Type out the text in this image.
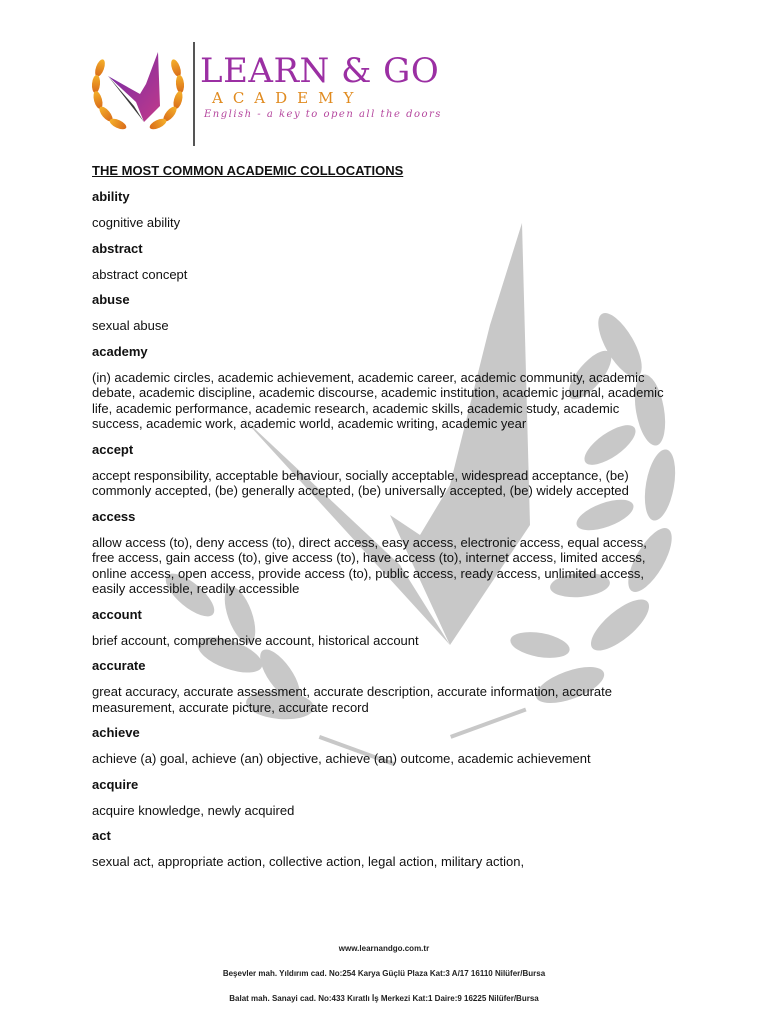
LEARN & GO
ACADEMY
English - a key to open all the doors
THE MOST COMMON ACADEMIC COLLOCATIONS
ability
cognitive ability
abstract
abstract concept
abuse
sexual abuse
academy
(in) academic circles, academic achievement, academic career, academic community, academic debate, academic discipline, academic discourse, academic institution, academic journal, academic life, academic performance, academic research, academic skills, academic study, academic success, academic work, academic world, academic writing, academic year
accept
accept responsibility, acceptable behaviour, socially acceptable, widespread acceptance, (be) commonly accepted, (be) generally accepted, (be) universally accepted, (be) widely accepted
access
allow access (to), deny access (to), direct access, easy access, electronic access, equal access, free access, gain access (to), give access (to), have access (to), internet access, limited access, online access, open access, provide access (to), public access, ready access, unlimited access, easily accessible, readily accessible
account
brief account, comprehensive account, historical account
accurate
great accuracy, accurate assessment, accurate description, accurate information, accurate measurement, accurate picture, accurate record
achieve
achieve (a) goal, achieve (an) objective, achieve (an) outcome, academic achievement
acquire
acquire knowledge, newly acquired
act
sexual act, appropriate action, collective action, legal action, military action,
www.learnandgo.com.tr
Beşevler mah. Yıldırım cad. No:254 Karya Güçlü Plaza Kat:3 A/17 16110 Nilüfer/Bursa
Balat mah. Sanayi cad. No:433 Kıratlı İş Merkezi Kat:1 Daire:9 16225 Nilüfer/Bursa
